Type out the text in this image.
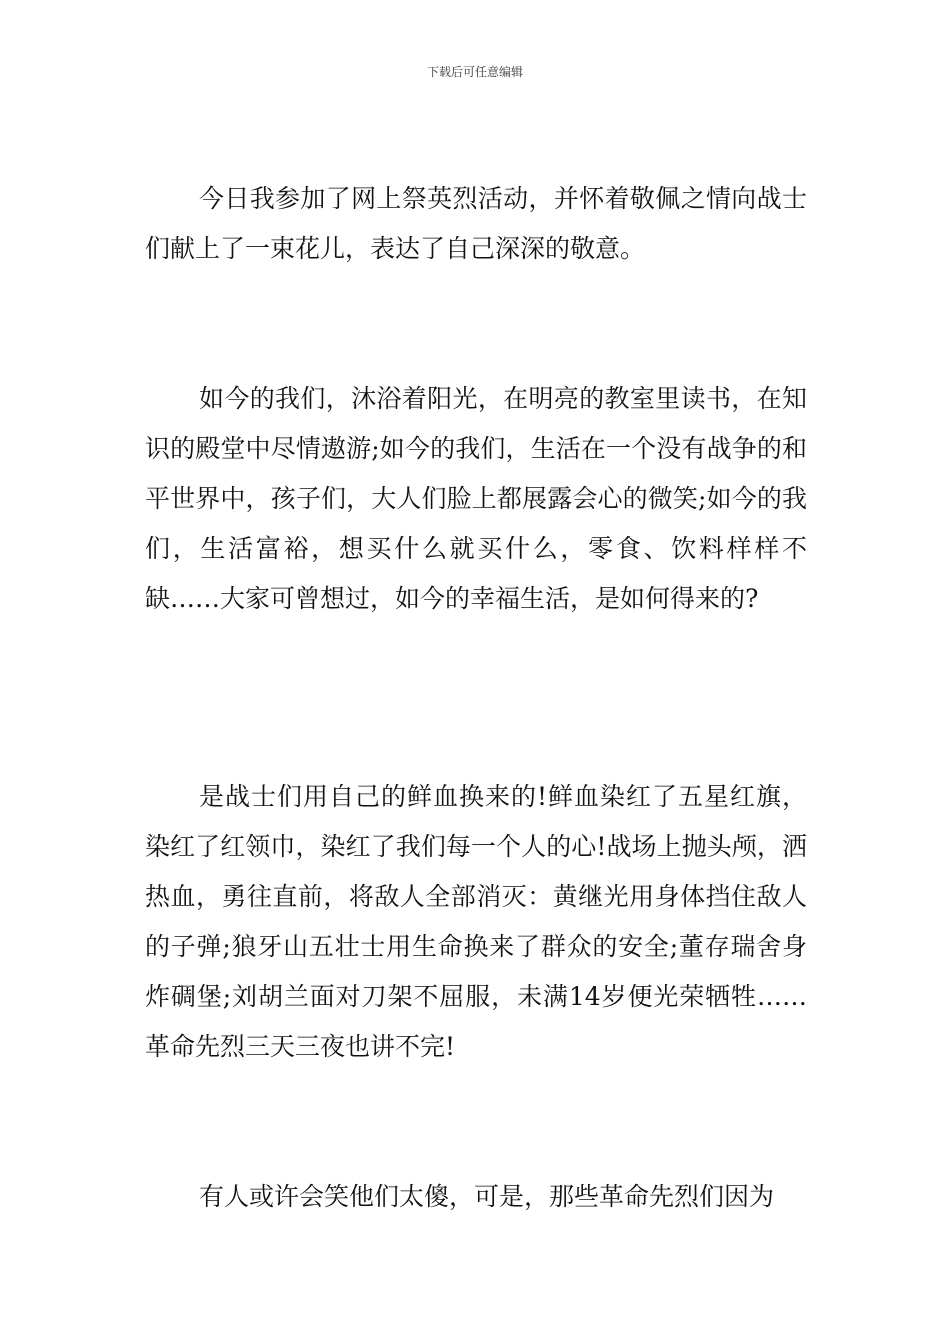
下载后可任意编辑

今日我参加了网上祭英烈活动，并怀着敬佩之情向战士们献上了一束花儿，表达了自己深深的敬意。

如今的我们，沐浴着阳光，在明亮的教室里读书，在知识的殿堂中尽情遨游;如今的我们，生活在一个没有战争的和平世界中，孩子们，大人们脸上都展露会心的微笑;如今的我们，生活富裕，想买什么就买什么，零食、饮料样样不缺……大家可曾想过，如今的幸福生活，是如何得来的?

是战士们用自己的鲜血换来的!鲜血染红了五星红旗，染红了红领巾，染红了我们每一个人的心!战场上抛头颅，洒热血，勇往直前，将敌人全部消灭：黄继光用身体挡住敌人的子弹;狼牙山五壮士用生命换来了群众的安全;董存瑞舍身炸碉堡;刘胡兰面对刀架不屈服，未满14岁便光荣牺牲……革命先烈三天三夜也讲不完!

有人或许会笑他们太傻，可是，那些革命先烈们因为
